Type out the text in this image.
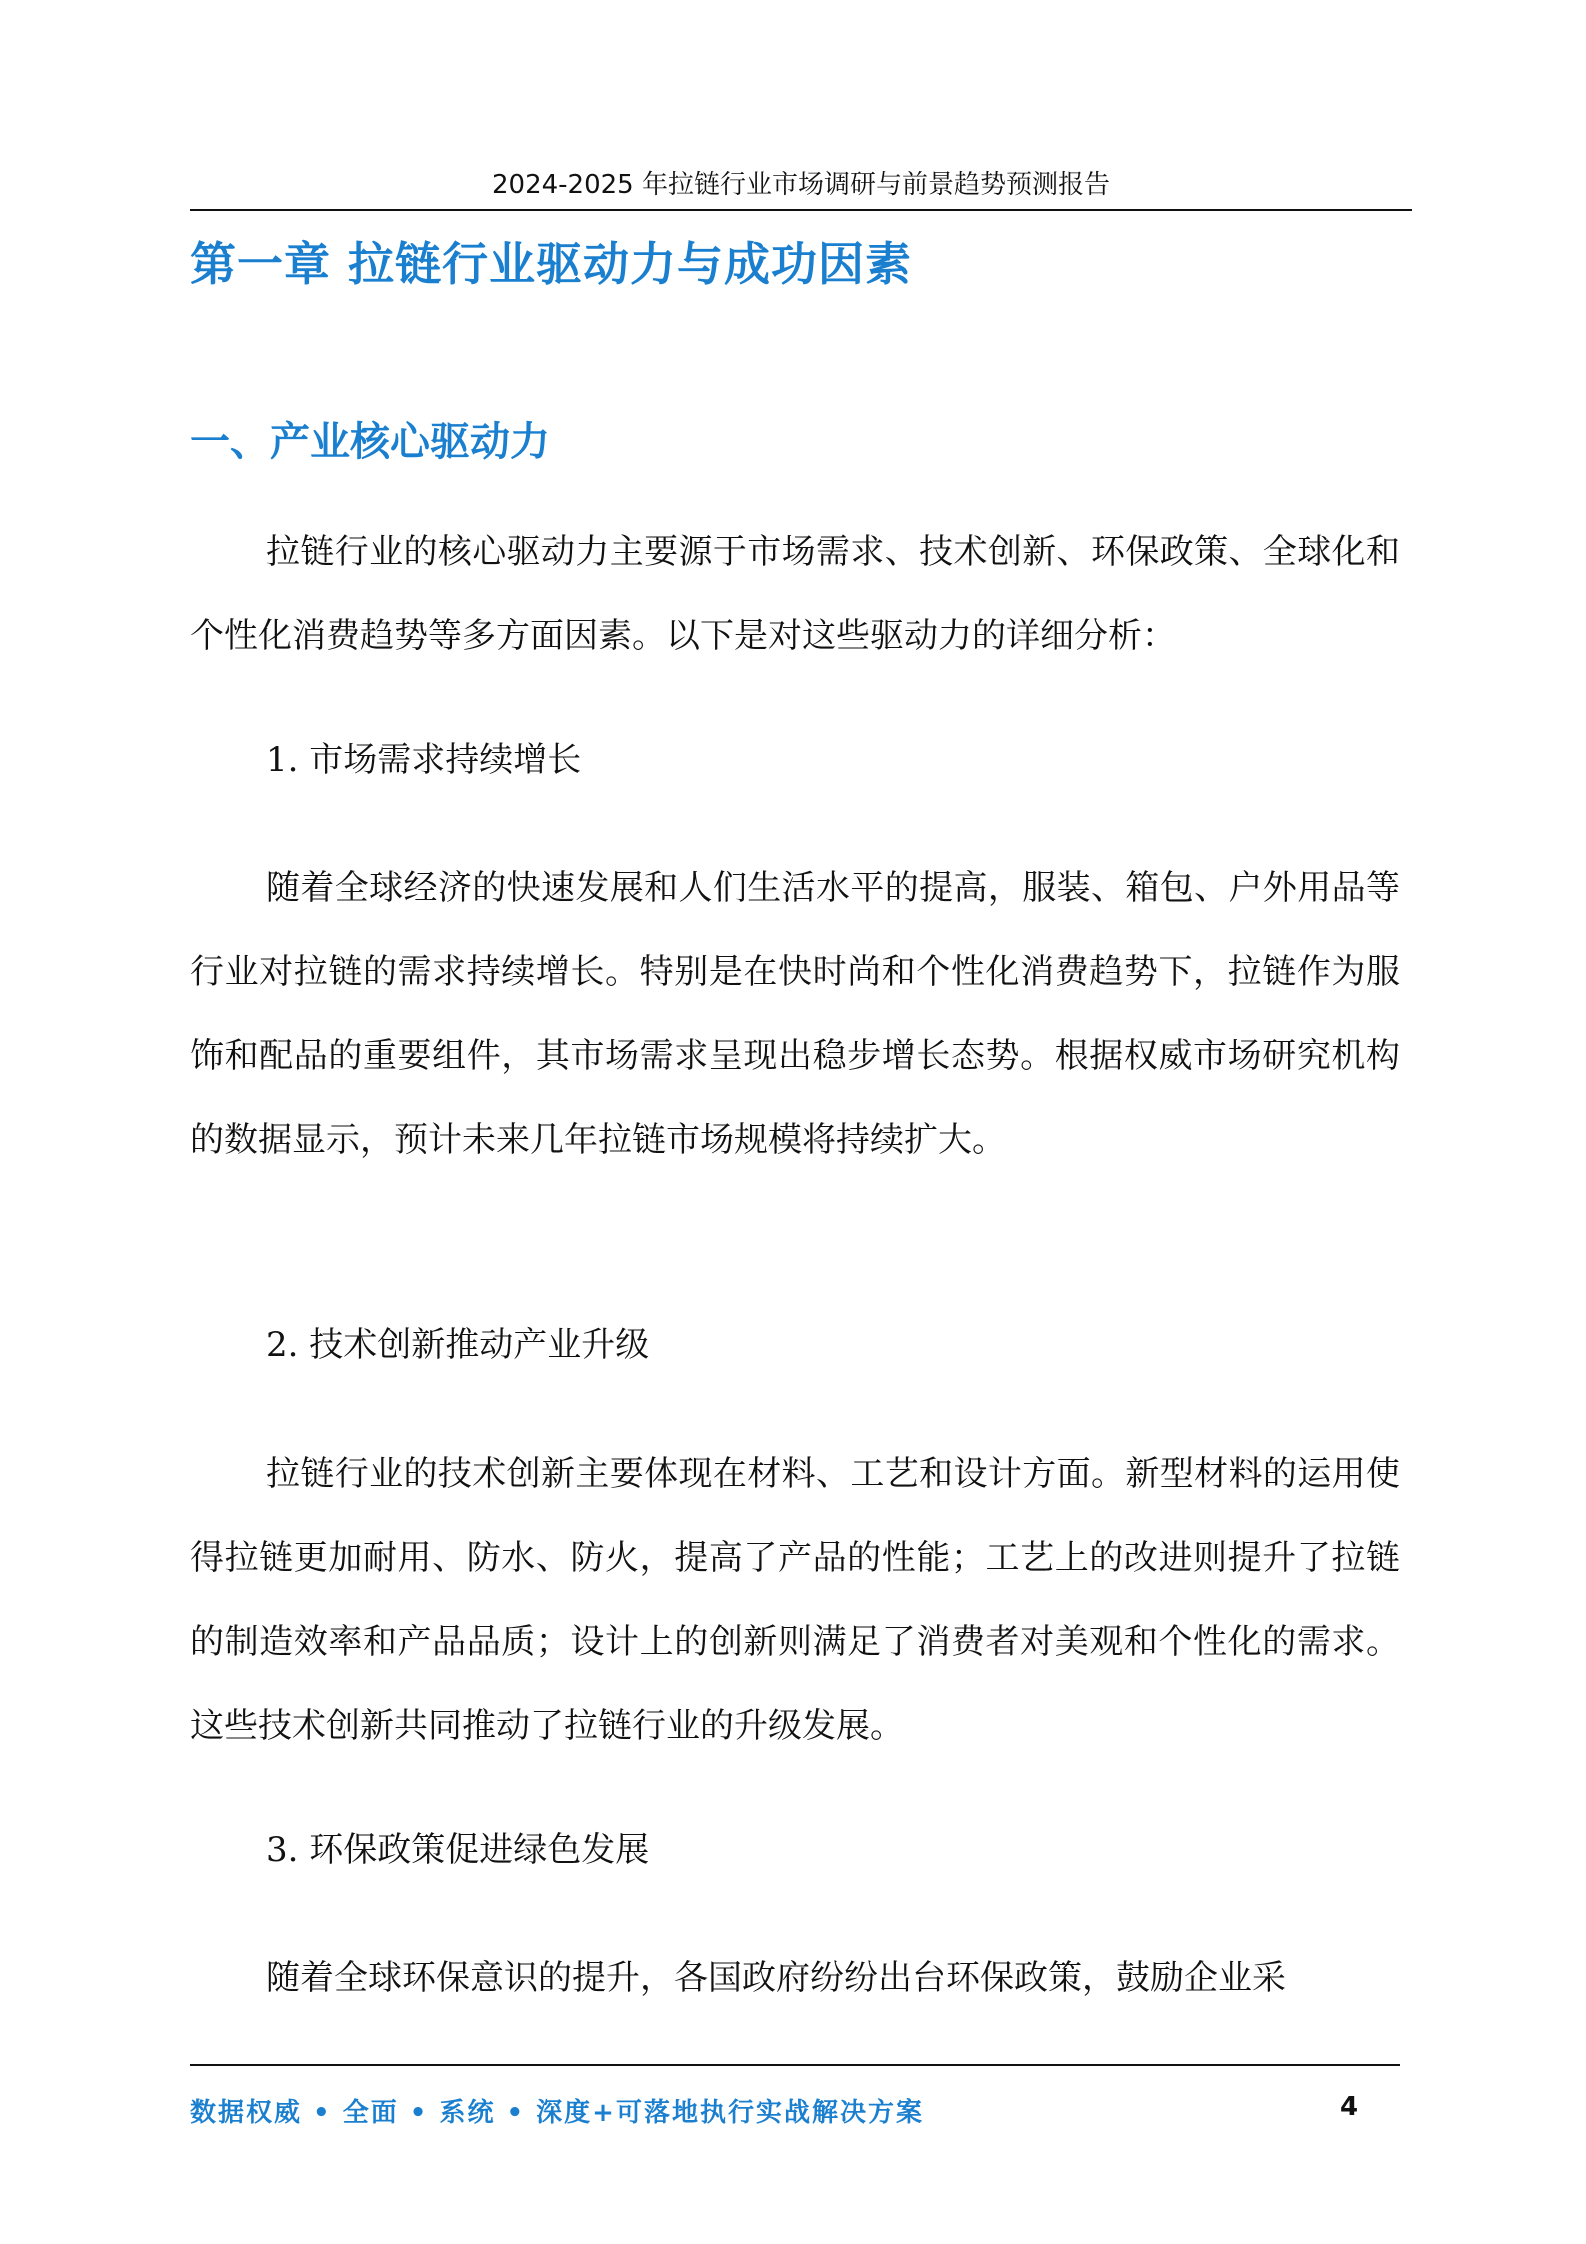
2024-2025 年拉链行业市场调研与前景趋势预测报告
第一章 拉链行业驱动力与成功因素
一、产业核心驱动力
拉链行业的核心驱动力主要源于市场需求、技术创新、环保政策、全球化和个性化消费趋势等多方面因素。以下是对这些驱动力的详细分析：
1. 市场需求持续增长
随着全球经济的快速发展和人们生活水平的提高，服装、箱包、户外用品等行业对拉链的需求持续增长。特别是在快时尚和个性化消费趋势下，拉链作为服饰和配品的重要组件，其市场需求呈现出稳步增长态势。根据权威市场研究机构的数据显示，预计未来几年拉链市场规模将持续扩大。
2. 技术创新推动产业升级
拉链行业的技术创新主要体现在材料、工艺和设计方面。新型材料的运用使得拉链更加耐用、防水、防火，提高了产品的性能；工艺上的改进则提升了拉链的制造效率和产品品质；设计上的创新则满足了消费者对美观和个性化的需求。这些技术创新共同推动了拉链行业的升级发展。
3. 环保政策促进绿色发展
随着全球环保意识的提升，各国政府纷纷出台环保政策，鼓励企业采
数据权威 • 全面 • 系统 • 深度+可落地执行实战解决方案	4
